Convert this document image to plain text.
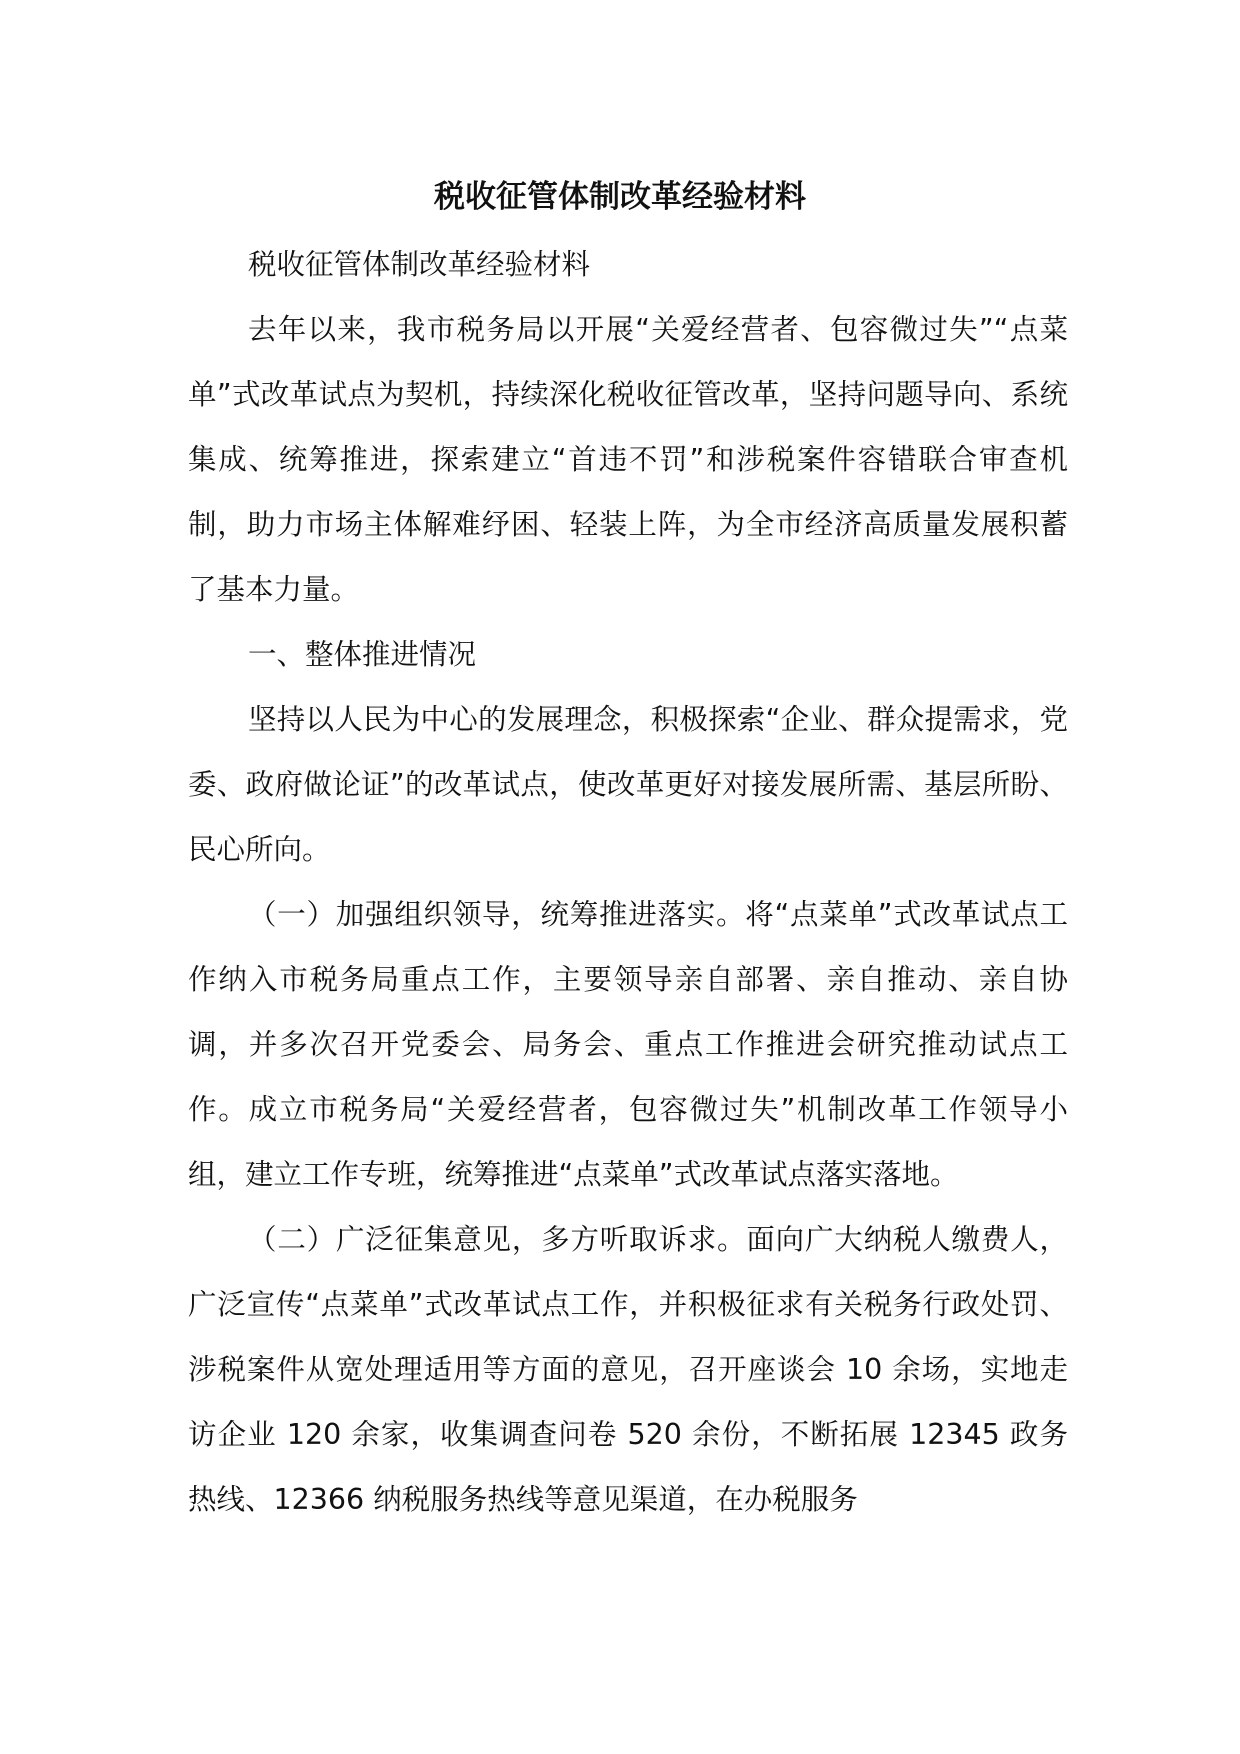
税收征管体制改革经验材料

税收征管体制改革经验材料

去年以来，我市税务局以开展“关爱经营者、包容微过失”“点菜单”式改革试点为契机，持续深化税收征管改革，坚持问题导向、系统集成、统筹推进，探索建立“首违不罚”和涉税案件容错联合审查机制，助力市场主体解难纾困、轻装上阵，为全市经济高质量发展积蓄了基本力量。

一、整体推进情况

坚持以人民为中心的发展理念，积极探索“企业、群众提需求，党委、政府做论证”的改革试点，使改革更好对接发展所需、基层所盼、民心所向。

（一）加强组织领导，统筹推进落实。将“点菜单”式改革试点工作纳入市税务局重点工作，主要领导亲自部署、亲自推动、亲自协调，并多次召开党委会、局务会、重点工作推进会研究推动试点工作。成立市税务局“关爱经营者，包容微过失”机制改革工作领导小组，建立工作专班，统筹推进“点菜单”式改革试点落实落地。

（二）广泛征集意见，多方听取诉求。面向广大纳税人缴费人，广泛宣传“点菜单”式改革试点工作，并积极征求有关税务行政处罚、涉税案件从宽处理适用等方面的意见，召开座谈会 10 余场，实地走访企业 120 余家，收集调查问卷 520 余份，不断拓展 12345 政务热线、12366 纳税服务热线等意见渠道，在办税服务
